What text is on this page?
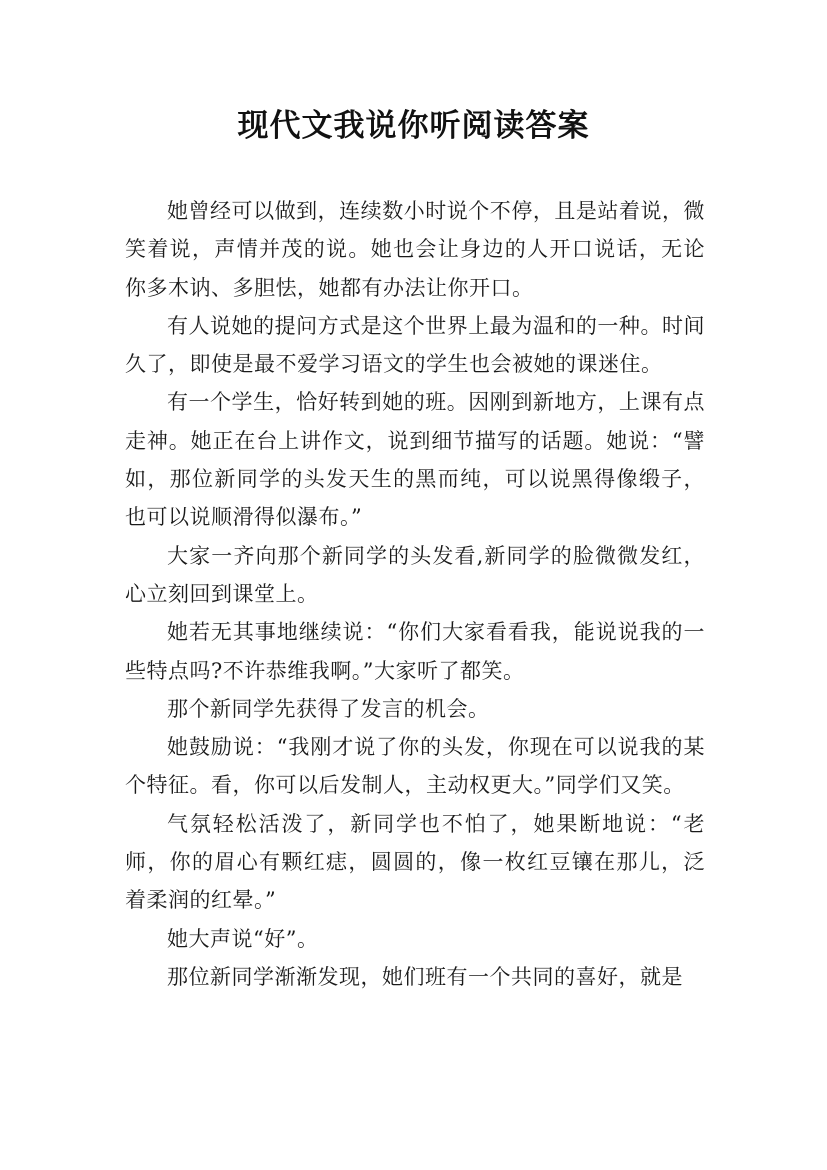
现代文我说你听阅读答案

她曾经可以做到，连续数小时说个不停，且是站着说，微笑着说，声情并茂的说。她也会让身边的人开口说话，无论你多木讷、多胆怯，她都有办法让你开口。

有人说她的提问方式是这个世界上最为温和的一种。时间久了，即使是最不爱学习语文的学生也会被她的课迷住。

有一个学生，恰好转到她的班。因刚到新地方，上课有点走神。她正在台上讲作文，说到细节描写的话题。她说：“譬如，那位新同学的头发天生的黑而纯，可以说黑得像缎子，也可以说顺滑得似瀑布。”

大家一齐向那个新同学的头发看,新同学的脸微微发红，心立刻回到课堂上。

她若无其事地继续说：“你们大家看看我，能说说我的一些特点吗?不许恭维我啊。”大家听了都笑。

那个新同学先获得了发言的机会。

她鼓励说：“我刚才说了你的头发，你现在可以说我的某个特征。看，你可以后发制人，主动权更大。”同学们又笑。

气氛轻松活泼了，新同学也不怕了，她果断地说：“老师，你的眉心有颗红痣，圆圆的，像一枚红豆镶在那儿，泛着柔润的红晕。”

她大声说“好”。

那位新同学渐渐发现，她们班有一个共同的喜好，就是
